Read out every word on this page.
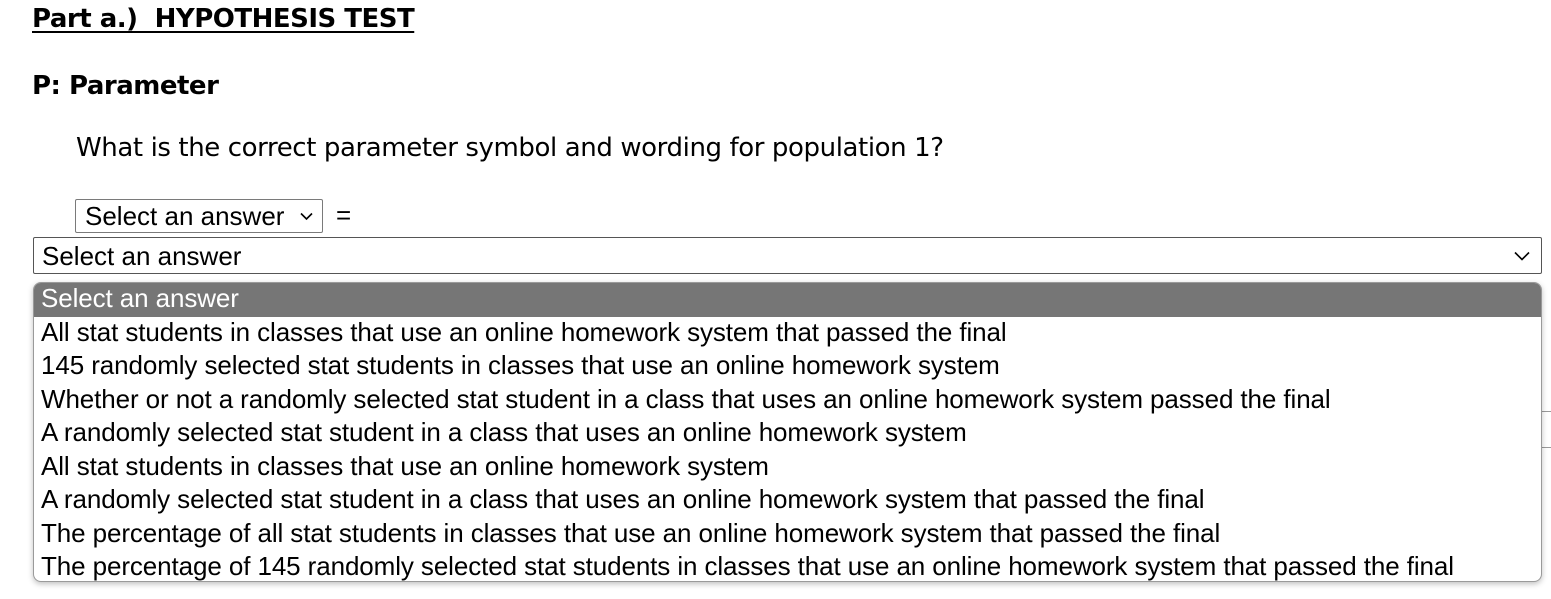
Part a.)  HYPOTHESIS TEST
P: Parameter
What is the correct parameter symbol and wording for population 1?
Select an answer =
Select an answer
Select an answer
All stat students in classes that use an online homework system that passed the final
145 randomly selected stat students in classes that use an online homework system
Whether or not a randomly selected stat student in a class that uses an online homework system passed the final
A randomly selected stat student in a class that uses an online homework system
All stat students in classes that use an online homework system
A randomly selected stat student in a class that uses an online homework system that passed the final
The percentage of all stat students in classes that use an online homework system that passed the final
The percentage of 145 randomly selected stat students in classes that use an online homework system that passed the final
